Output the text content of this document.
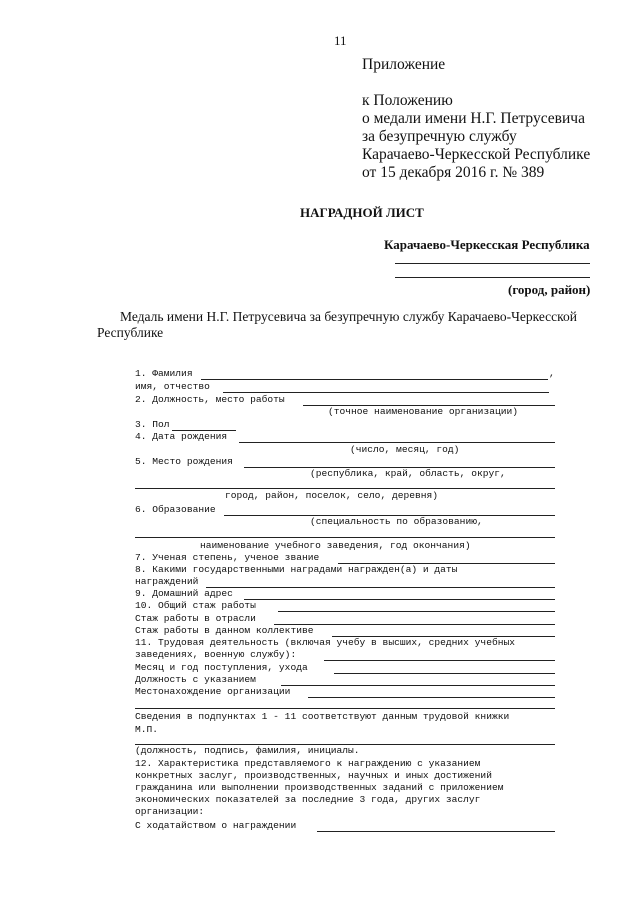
11
Приложение
к Положению
о медали имени Н.Г. Петрусевича
за безупречную службу
Карачаево-Черкесской Республике
от 15 декабря 2016 г. № 389
НАГРАДНОЙ ЛИСТ
Карачаево-Черкесская Республика
(город, район)
Медаль имени Н.Г. Петрусевича за безупречную службу Карачаево-Черкесской
Республике
1. Фамилия	,
имя, отчество
2. Должность, место работы
(точное наименование организации)
3. Пол
4. Дата рождения
(число, месяц, год)
5. Место рождения
(республика, край, область, округ,
город, район, поселок, село, деревня)
6. Образование
(специальность по образованию,
наименование учебного заведения, год окончания)
7. Ученая степень, ученое звание
8. Какими государственными наградами награжден(а) и даты
награждений
9. Домашний адрес
10. Общий стаж работы
Стаж работы в отрасли
Стаж работы в данном коллективе
11. Трудовая деятельность (включая учебу в высших, средних учебных
заведениях, военную службу):
Месяц и год поступления, ухода
Должность с указанием
Местонахождение организации
Сведения в подпунктах 1 - 11 соответствуют данным трудовой книжки
М.П.
(должность, подпись, фамилия, инициалы.
12. Характеристика представляемого к награждению с указанием
конкретных заслуг, производственных, научных и иных достижений
гражданина или выполнении производственных заданий с приложением
экономических показателей за последние 3 года, других заслуг
организации:
С ходатайством о награждении
